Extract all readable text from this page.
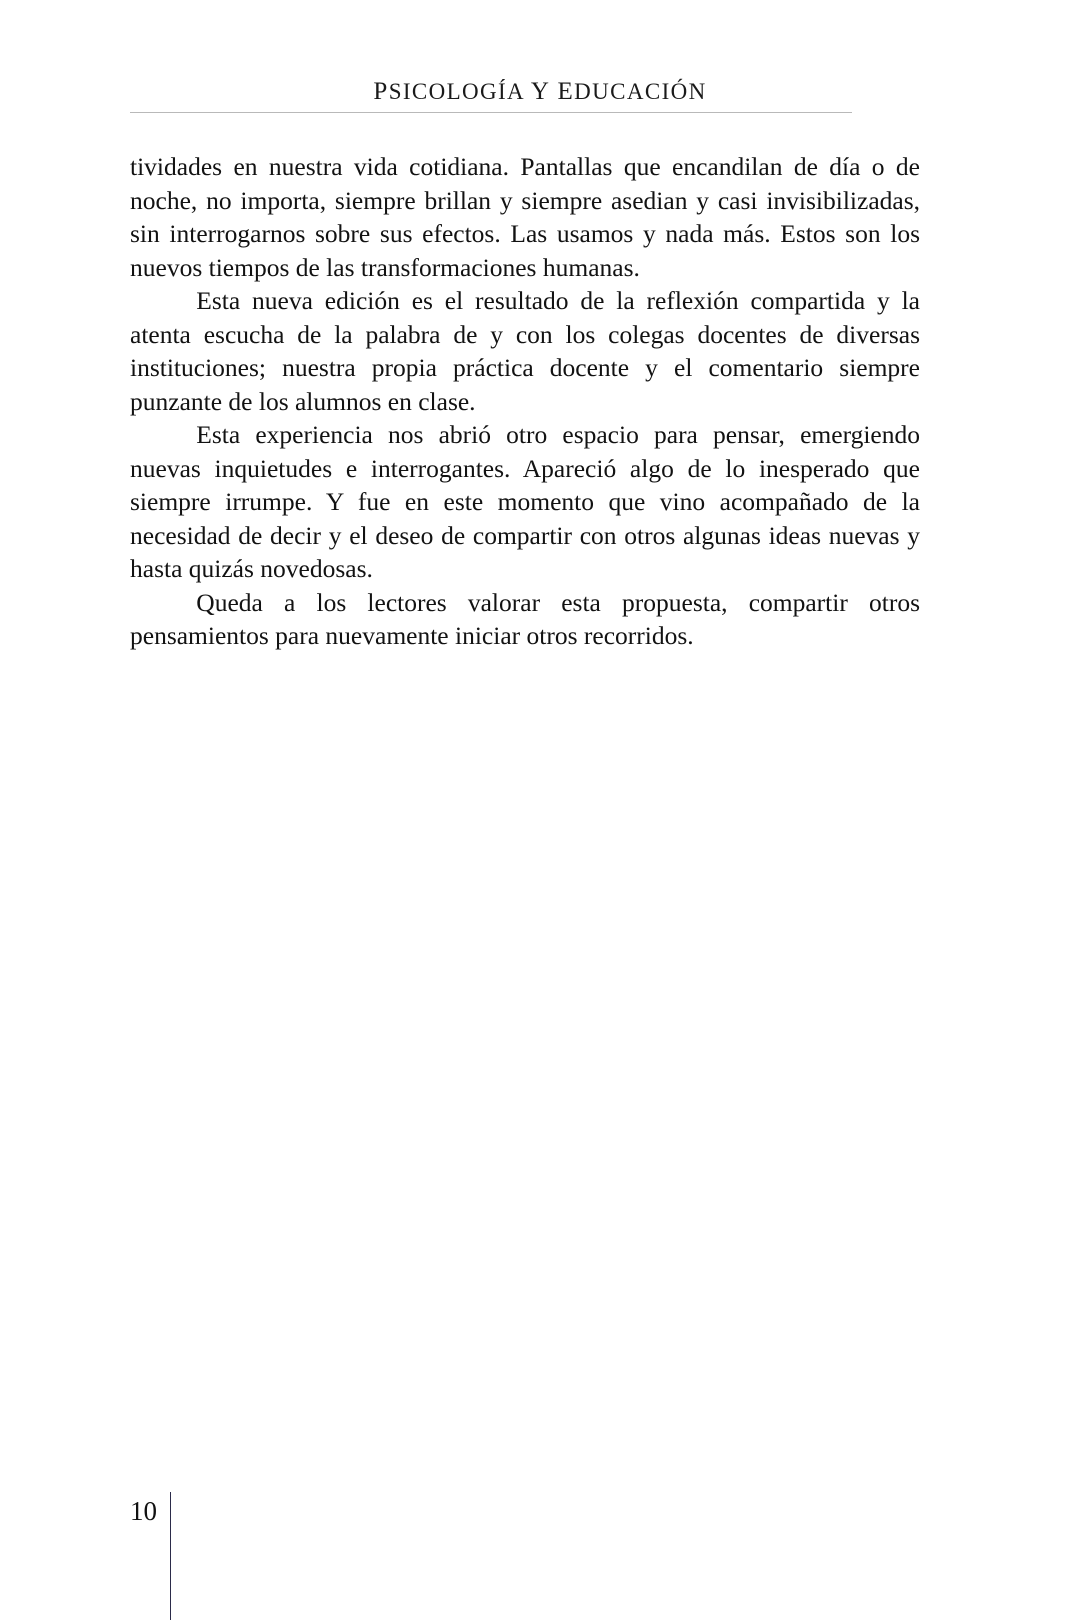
PSICOLOGÍA Y EDUCACIÓN

tividades en nuestra vida cotidiana. Pantallas que encandilan de día o de noche, no importa, siempre brillan y siempre asedian y casi invisibilizadas, sin interrogarnos sobre sus efectos. Las usamos y nada más. Estos son los nuevos tiempos de las transformaciones humanas.

Esta nueva edición es el resultado de la reflexión compartida y la atenta escucha de la palabra de y con los colegas docentes de diversas instituciones; nuestra propia práctica docente y el comentario siempre punzante de los alumnos en clase.

Esta experiencia nos abrió otro espacio para pensar, emergiendo nuevas inquietudes e interrogantes. Apareció algo de lo inesperado que siempre irrumpe. Y fue en este momento que vino acompañado de la necesidad de decir y el deseo de compartir con otros algunas ideas nuevas y hasta quizás novedosas.

Queda a los lectores valorar esta propuesta, compartir otros pensamientos para nuevamente iniciar otros recorridos.

10
